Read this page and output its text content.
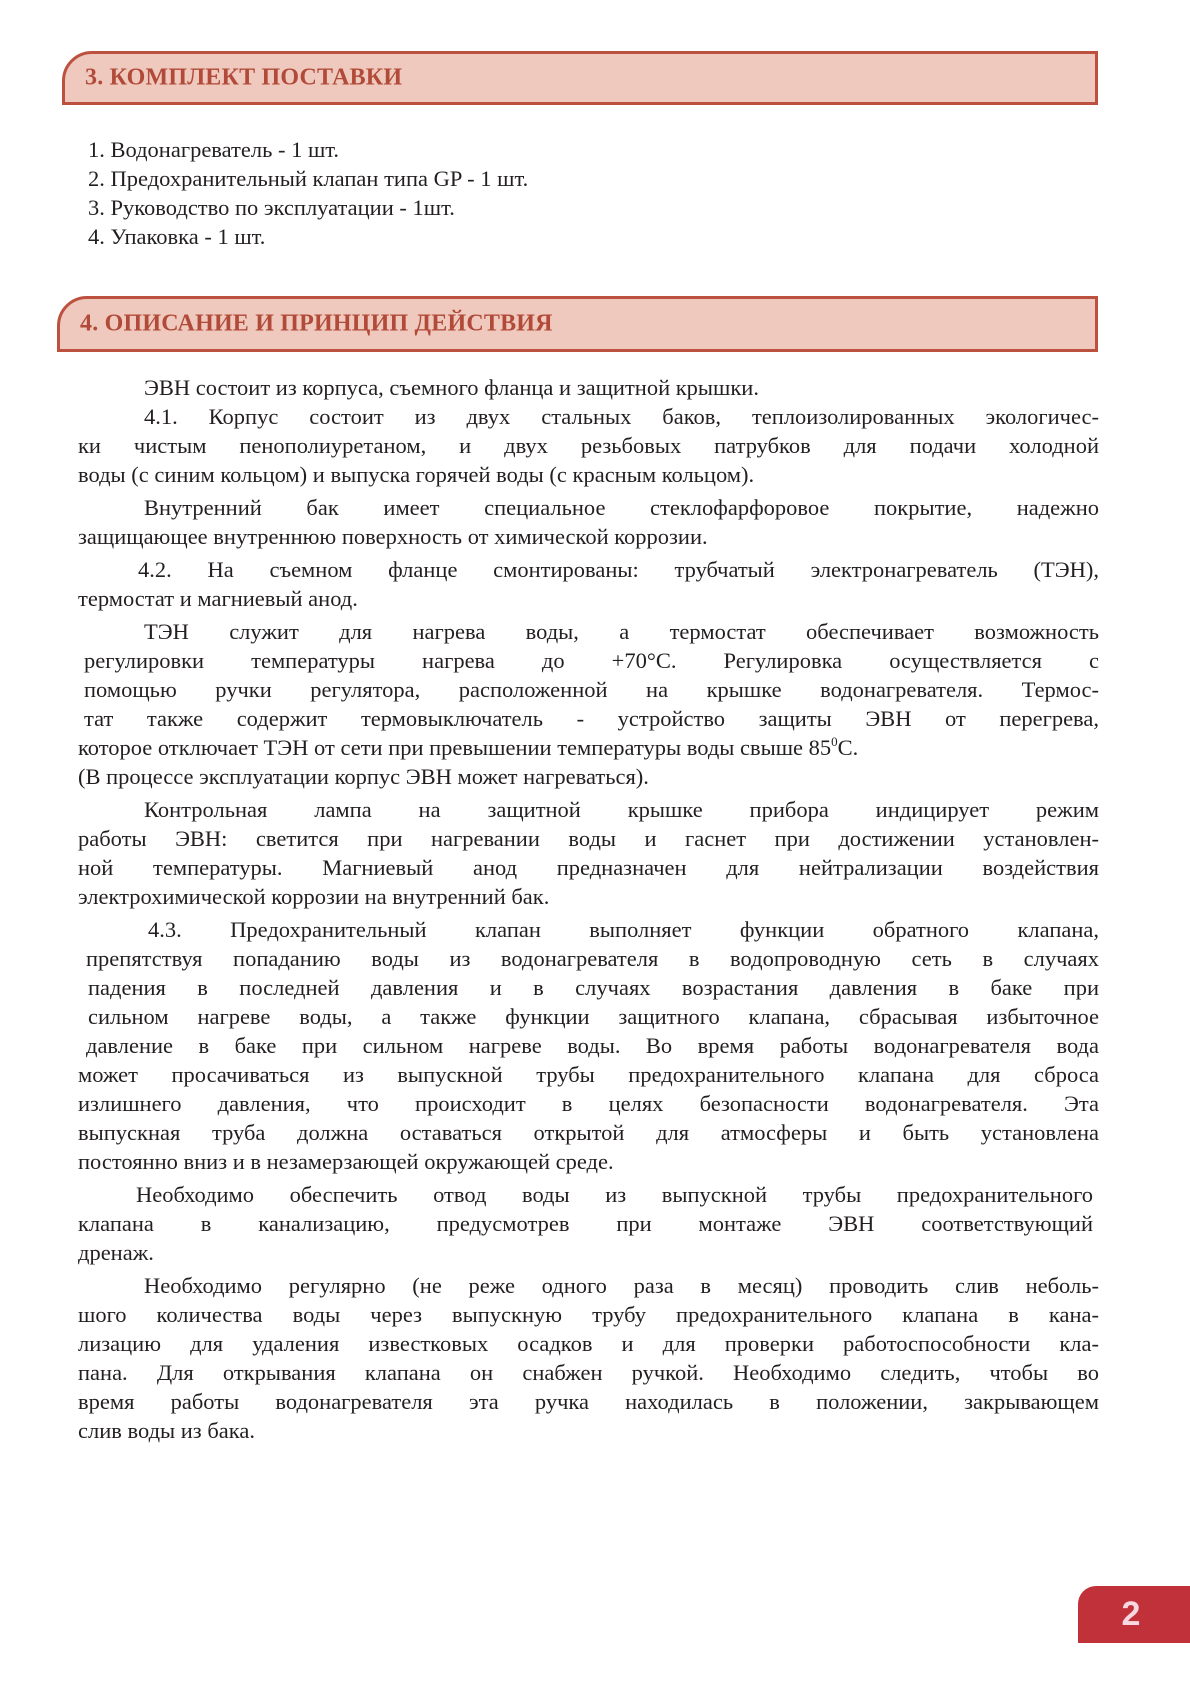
3. КОМПЛЕКТ ПОСТАВКИ
1. Водонагреватель - 1 шт.
2. Предохранительный клапан типа GP - 1 шт.
3. Руководство по эксплуатации - 1шт.
4. Упаковка - 1 шт.
4. ОПИСАНИЕ И ПРИНЦИП ДЕЙСТВИЯ
ЭВН состоит из корпуса, съемного фланца и защитной крышки.
4.1. Корпус состоит из двух стальных баков, теплоизолированных экологичес-
ки чистым пенополиуретаном, и двух резьбовых патрубков для подачи холодной
воды (с синим кольцом) и выпуска горячей воды (с красным кольцом).
Внутренний бак имеет специальное стеклофарфоровое покрытие, надежно
защищающее внутреннюю поверхность от химической коррозии.
4.2. На съемном фланце смонтированы: трубчатый электронагреватель (ТЭН),
термостат и магниевый анод.
ТЭН служит для нагрева воды, а термостат обеспечивает возможность
регулировки температуры нагрева до +70°С. Регулировка осуществляется с
помощью ручки регулятора, расположенной на крышке водонагревателя. Термос-
тат также содержит термовыключатель - устройство защиты ЭВН от перегрева,
которое отключает ТЭН от сети при превышении температуры воды свыше $85^0С$.
(В процессе эксплуатации корпус ЭВН может нагреваться).
Контрольная лампа на защитной крышке прибора индицирует режим
работы ЭВН: светится при нагревании воды и гаснет при достижении установлен-
ной температуры. Магниевый анод предназначен для нейтрализации воздействия
электрохимической коррозии на внутренний бак.
4.3. Предохранительный клапан выполняет функции обратного клапана,
препятствуя попаданию воды из водонагревателя в водопроводную сеть в случаях
падения в последней давления и в случаях возрастания давления в баке при
сильном нагреве воды, а также функции защитного клапана, сбрасывая избыточное
давление в баке при сильном нагреве воды. Во время работы водонагревателя вода
может просачиваться из выпускной трубы предохранительного клапана для сброса
излишнего давления, что происходит в целях безопасности водонагревателя. Эта
выпускная труба должна оставаться открытой для атмосферы и быть установлена
постоянно вниз и в незамерзающей окружающей среде.
Необходимо обеспечить отвод воды из выпускной трубы предохранительного
клапана в канализацию, предусмотрев при монтаже ЭВН соответствующий
дренаж.
Необходимо регулярно (не реже одного раза в месяц) проводить слив неболь-
шого количества воды через выпускную трубу предохранительного клапана в кана-
лизацию для удаления известковых осадков и для проверки работоспособности кла-
пана. Для открывания клапана он снабжен ручкой. Необходимо следить, чтобы во
время работы водонагревателя эта ручка находилась в положении, закрывающем
слив воды из бака.
2
